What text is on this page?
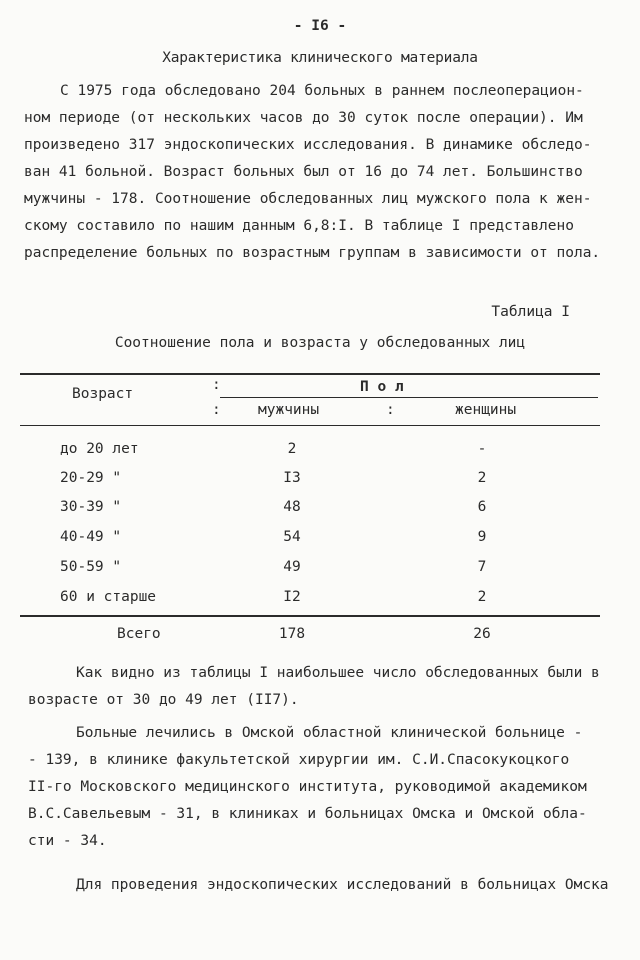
- I6 -
Характеристика клинического материала
С 1975 года обследовано 204 больных в раннем послеоперацион-
ном периоде (от нескольких часов до 30 суток после операции). Им
произведено 317 эндоскопических исследования. В динамике обследо-
ван 41 больной. Возраст больных был от 16 до 74 лет. Большинство
мужчины - 178. Соотношение обследованных лиц мужского пола к жен-
скому составило по нашим данным 6,8:I. В таблице I представлено
распределение больных по возрастным группам в зависимости от пола.
Таблица I
Соотношение пола и возраста у обследованных лиц
Возраст
:
:
П о л
мужчины	:	женщины
до 20 лет	2	-
20-29 "	I3	2
30-39 "	48	6
40-49 "	54	9
50-59 "	49	7
60 и старше	I2	2
Всего	178	26
Как видно из таблицы I наибольшее число обследованных были в
возрасте от 30 до 49 лет (II7).
Больные лечились в Омской областной клинической больнице -
- 139, в клинике факультетской хирургии им. С.И.Спасокукоцкого
II-го Московского медицинского института, руководимой академиком
В.С.Савельевым - 31, в клиниках и больницах Омска и Омской обла-
сти - 34.
Для проведения эндоскопических исследований в больницах Омска
